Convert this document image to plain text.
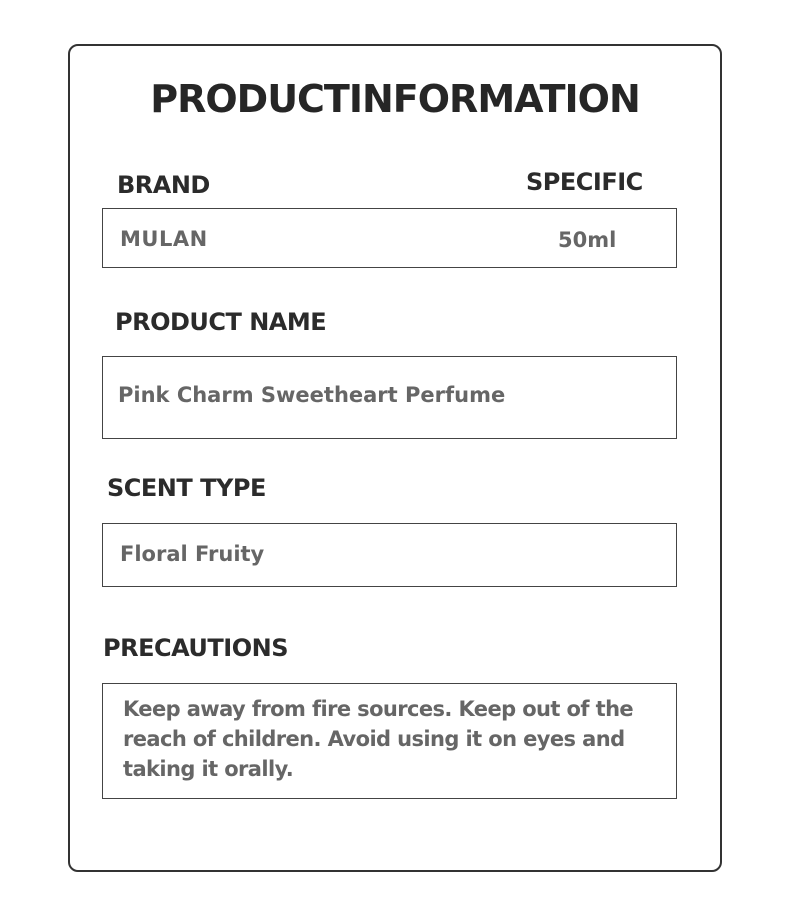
PRODUCTINFORMATION
BRAND	SPECIFIC
MULAN	50ml
PRODUCT NAME
Pink Charm Sweetheart Perfume
SCENT TYPE
Floral Fruity
PRECAUTIONS

Keep away from fire sources. Keep out of the reach of children. Avoid using it on eyes and taking it orally.
